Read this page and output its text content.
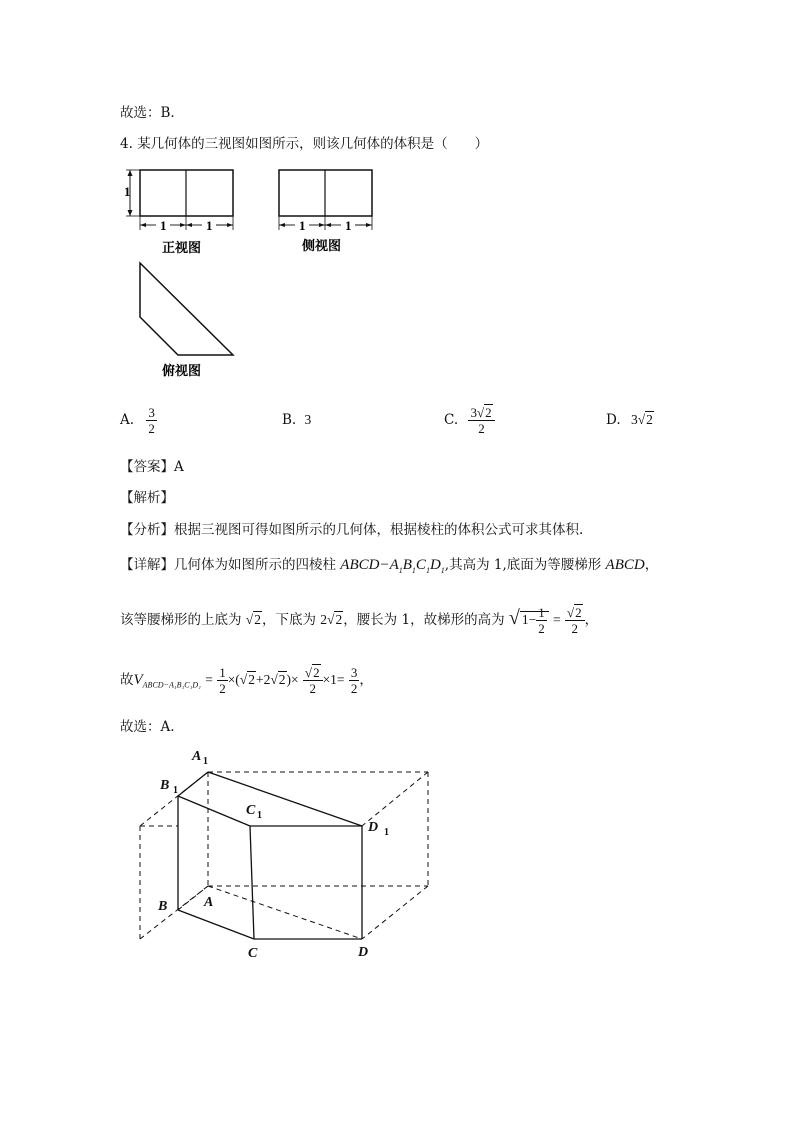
故选：B.
4. 某几何体的三视图如图所示，则该几何体的体积是（　　）
1
1	1
正视图
1	1
侧视图
俯视图
A. $\frac{3}{2}$	B. 3	C. $\frac{3√2}{2}$	D. 3√2
【答案】A
【解析】
【分析】根据三视图可得如图所示的几何体，根据棱柱的体积公式可求其体积.
【详解】几何体为如图所示的四棱柱 $ABCD-A_1B_1C_1D_1$,其高为 1,底面为等腰梯形 ABCD，
该等腰梯形的上底为 √2，下底为 2√2，腰长为 1，故梯形的高为 √ $1- \frac{1}{2} = \frac{√2}{2}$ ，
故$V_{ABCD-A_1B_1C_1D_1} = \frac{1}{2} \times(√2+2√2)\times \frac{√2}{2} \times 1= \frac{3}{2}$ ，
故选：A.
A 1
B 1
C 1
D 1
B	A
C	D
